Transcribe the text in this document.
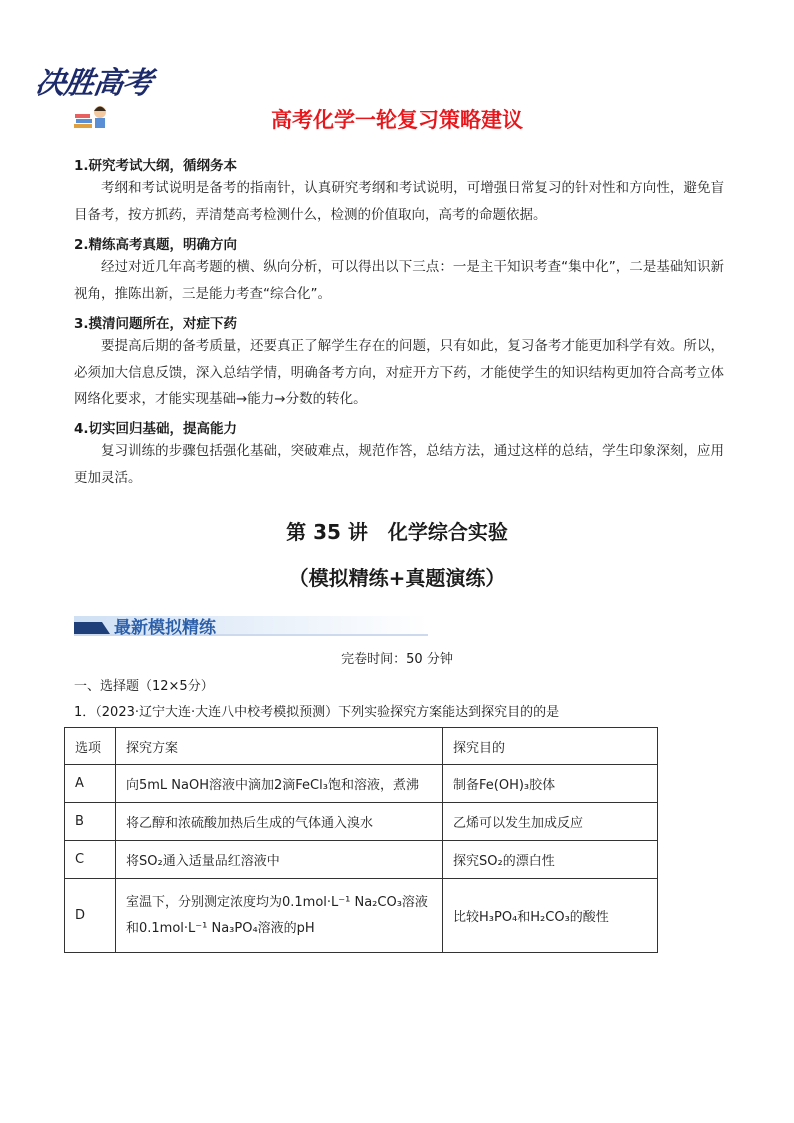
决胜高考
高考化学一轮复习策略建议
1.研究考试大纲，循纲务本

考纲和考试说明是备考的指南针，认真研究考纲和考试说明，可增强日常复习的针对性和方向性，避免盲目备考，按方抓药，弄清楚高考检测什么，检测的价值取向，高考的命题依据。

2.精练高考真题，明确方向

经过对近几年高考题的横、纵向分析，可以得出以下三点：一是主干知识考查“集中化”，二是基础知识新视角，推陈出新，三是能力考查“综合化”。

3.摸清问题所在，对症下药

要提高后期的备考质量，还要真正了解学生存在的问题，只有如此，复习备考才能更加科学有效。所以，必须加大信息反馈，深入总结学情，明确备考方向，对症开方下药，才能使学生的知识结构更加符合高考立体网络化要求，才能实现基础→能力→分数的转化。

4.切实回归基础，提高能力

复习训练的步骤包括强化基础，突破难点，规范作答，总结方法，通过这样的总结，学生印象深刻，应用更加灵活。

第 35 讲　化学综合实验
（模拟精练+真题演练）
最新模拟精练
完卷时间：50 分钟
一、选择题（12×5分）
1．（2023·辽宁大连·大连八中校考模拟预测）下列实验探究方案能达到探究目的的是
选项	探究方案	探究目的
A	向5mL NaOH溶液中滴加2滴FeCl₃饱和溶液，煮沸	制备Fe(OH)₃胶体
B	将乙醇和浓硫酸加热后生成的气体通入溴水	乙烯可以发生加成反应
C	将SO₂通入适量品红溶液中	探究SO₂的漂白性
D	室温下，分别测定浓度均为0.1mol·L⁻¹ Na₂CO₃溶液和0.1mol·L⁻¹ Na₃PO₄溶液的pH	比较H₃PO₄和H₂CO₃的酸性
